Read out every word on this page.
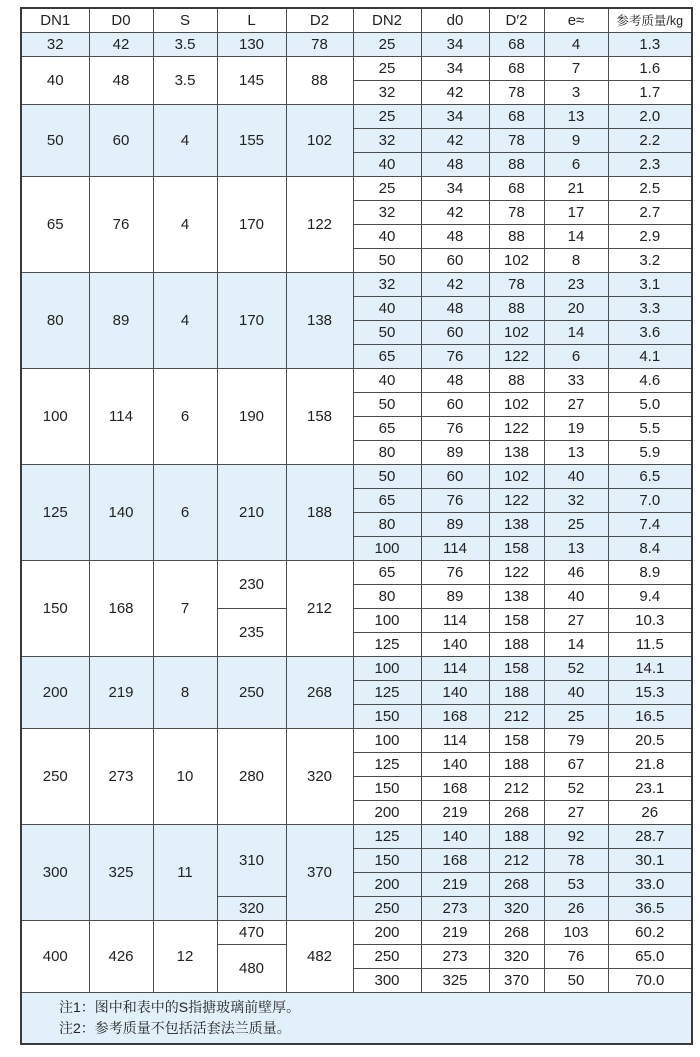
DN1	D0	S	L	D2	DN2	d0	D′2	e≈	参考质量/kg
32	42	3.5	130	78	25	34	68	4	1.3
40	48	3.5	145	88	25	34	68	7	1.6
					32	42	78	3	1.7
50	60	4	155	102	25	34	68	13	2.0
					32	42	78	9	2.2
					40	48	88	6	2.3
65	76	4	170	122	25	34	68	21	2.5
					32	42	78	17	2.7
					40	48	88	14	2.9
					50	60	102	8	3.2
80	89	4	170	138	32	42	78	23	3.1
					40	48	88	20	3.3
					50	60	102	14	3.6
					65	76	122	6	4.1
100	114	6	190	158	40	48	88	33	4.6
					50	60	102	27	5.0
					65	76	122	19	5.5
					80	89	138	13	5.9
125	140	6	210	188	50	60	102	40	6.5
					65	76	122	32	7.0
					80	89	138	25	7.4
					100	114	158	13	8.4
150	168	7	230	212	65	76	122	46	8.9
					80	89	138	40	9.4
			235		100	114	158	27	10.3
					125	140	188	14	11.5
200	219	8	250	268	100	114	158	52	14.1
					125	140	188	40	15.3
					150	168	212	25	16.5
250	273	10	280	320	100	114	158	79	20.5
					125	140	188	67	21.8
					150	168	212	52	23.1
					200	219	268	27	26
300	325	11	310	370	125	140	188	92	28.7
					150	168	212	78	30.1
					200	219	268	53	33.0
			320		250	273	320	26	36.5
400	426	12	470	482	200	219	268	103	60.2
			480		250	273	320	76	65.0
					300	325	370	50	70.0

注1：图中和表中的S指搪玻璃前壁厚。
注2：参考质量不包括活套法兰质量。									
